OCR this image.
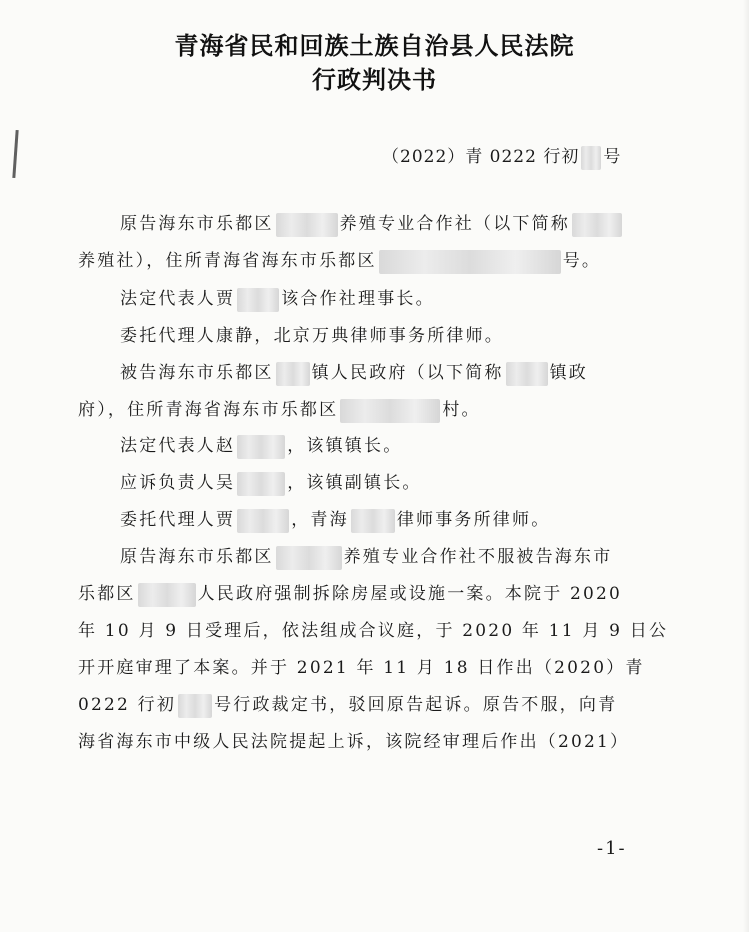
青海省民和回族土族自治县人民法院
行政判决书
（2022）青 0222 行初 号
原告海东市乐都区	养殖专业合作社（以下简称
养殖社），住所青海省海东市乐都区	号。
法定代表人贾	该合作社理事长。
委托代理人康静，北京万典律师事务所律师。
被告海东市乐都区 镇人民政府（以下简称	镇政
府），住所青海省海东市乐都区	村。
法定代表人赵	，该镇镇长。
应诉负责人吴	，该镇副镇长。
委托代理人贾	，青海	律师事务所律师。
原告海东市乐都区	养殖专业合作社不服被告海东市
乐都区	人民政府强制拆除房屋或设施一案。本院于 2020
年 10 月 9 日受理后，依法组成合议庭，于 2020 年 11 月 9 日公
开开庭审理了本案。并于 2021 年 11 月 18 日作出（2020）青
0222 行初 号行政裁定书，驳回原告起诉。原告不服，向青
海省海东市中级人民法院提起上诉，该院经审理后作出（2021）
-1-
